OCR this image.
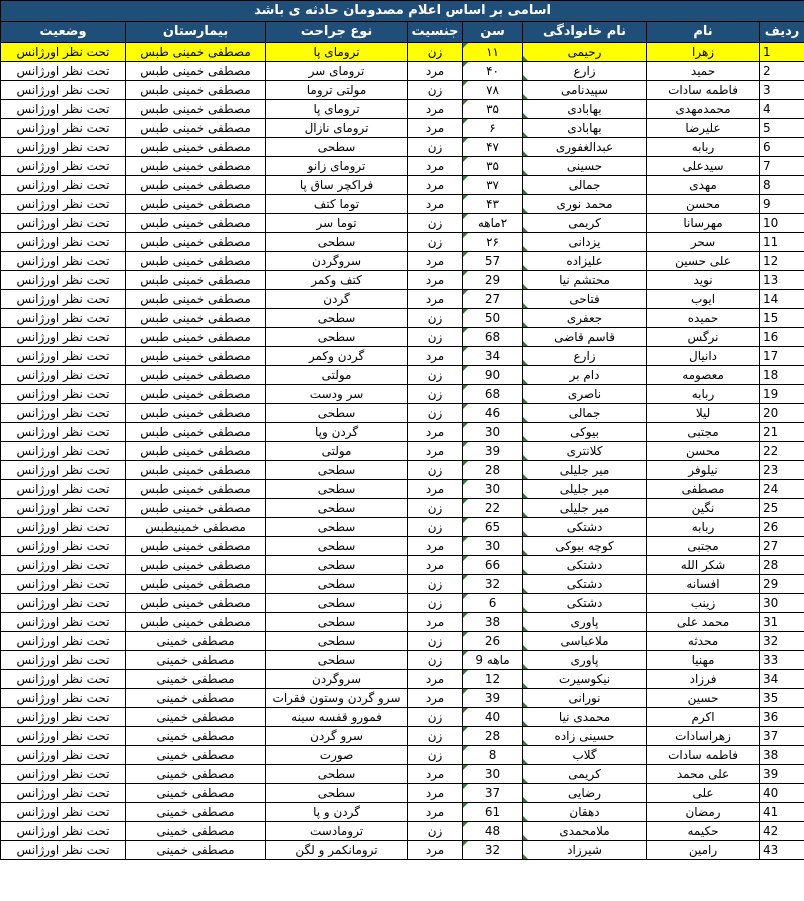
اسامی بر اساس اعلام مصدومان حادثه ی باشد							
ردیف	نام	نام خانوادگی	سن	جنسیت	نوع جراحت	بیمارستان	وضعیت
1	زهرا	رحیمی	۱۱	زن	ترومای پا	مصطفی خمینی طبس	تحت نظر اورژانس
2	حمید	زارع	۴۰	مرد	ترومای سر	مصطفی خمینی طبس	تحت نظر اورژانس
3	فاطمه سادات	سپیدنامی	۷۸	زن	مولتی تروما	مصطفی خمینی طبس	تحت نظر اورژانس
4	محمدمهدی	بهابادی	۳۵	مرد	ترومای پا	مصطفی خمینی طبس	تحت نظر اورژانس
5	علیرضا	بهابادی	۶	مرد	ترومای نازال	مصطفی خمینی طبس	تحت نظر اورژانس
6	ربابه	عبدالغفوری	۴۷	زن	سطحی	مصطفی خمینی طبس	تحت نظر اورژانس
7	سیدعلی	حسینی	۳۵	مرد	ترومای زانو	مصطفی خمینی طبس	تحت نظر اورژانس
8	مهدی	جمالی	۳۷	مرد	فراکچر ساق پا	مصطفی خمینی طبس	تحت نظر اورژانس
9	محسن	محمد نوری	۴۳	مرد	توما کتف	مصطفی خمینی طبس	تحت نظر اورژانس
10	مهرسانا	کریمی	۲ماهه	زن	توما سر	مصطفی خمینی طبس	تحت نظر اورژانس
11	سحر	یزدانی	۲۶	زن	سطحی	مصطفی خمینی طبس	تحت نظر اورژانس
12	علی حسین	علیزاده	57	مرد	سروگردن	مصطفی خمینی طبس	تحت نظر اورژانس
13	نوید	محتشم نیا	29	مرد	کتف وکمر	مصطفی خمینی طبس	تحت نظر اورژانس
14	ایوب	فتاحی	27	مرد	گردن	مصطفی خمینی طبس	تحت نظر اورژانس
15	حمیده	جعفری	50	زن	سطحی	مصطفی خمینی طبس	تحت نظر اورژانس
16	نرگس	قاسم قاضی	68	زن	سطحی	مصطفی خمینی طبس	تحت نظر اورژانس
17	دانیال	زارع	34	مرد	گردن وکمر	مصطفی خمینی طبس	تحت نظر اورژانس
18	معصومه	دام بر	90	زن	مولتی	مصطفی خمینی طبس	تحت نظر اورژانس
19	ربابه	ناصری	68	زن	سر ودست	مصطفی خمینی طبس	تحت نظر اورژانس
20	لیلا	جمالی	46	زن	سطحی	مصطفی خمینی طبس	تحت نظر اورژانس
21	مجتبی	بیوکی	30	مرد	گردن وپا	مصطفی خمینی طبس	تحت نظر اورژانس
22	محسن	کلانتری	39	مرد	مولتی	مصطفی خمینی طبس	تحت نظر اورژانس
23	نیلوفر	میر جلیلی	28	زن	سطحی	مصطفی خمینی طبس	تحت نظر اورژانس
24	مصطفی	میر جلیلی	30	مرد	سطحی	مصطفی خمینی طبس	تحت نظر اورژانس
25	نگین	میر جلیلی	22	زن	سطحی	مصطفی خمینی طبس	تحت نظر اورژانس
26	ربابه	دشتکی	65	زن	سطحی	مصطفی خمینیطبس	تحت نظر اورژانس
27	مجتبی	کوچه بیوکی	30	مرد	سطحی	مصطفی خمینی طبس	تحت نظر اورژانس
28	شکر الله	دشتکی	66	مرد	سطحی	مصطفی خمینی طبس	تحت نظر اورژانس
29	افسانه	دشتکی	32	زن	سطحی	مصطفی خمینی طبس	تحت نظر اورژانس
30	زینب	دشتکی	6	زن	سطحی	مصطفی خمینی طبس	تحت نظر اورژانس
31	محمد علی	پاوری	38	مرد	سطحی	مصطفی خمینی طبس	تحت نظر اورژانس
32	محدثه	ملاعباسی	26	زن	سطحی	مصطفی خمینی	تحت نظر اورژانس
33	مهنیا	پاوری	ماهه 9	زن	سطحی	مصطفی خمینی	تحت نظر اورژانس
34	فرزاد	نیکوسیرت	12	مرد	سروگردن	مصطفی خمینی	تحت نظر اورژانس
35	حسین	نورانی	39	مرد	سرو گردن وستون فقرات	مصطفی خمینی	تحت نظر اورژانس
36	اکرم	محمدی نیا	40	زن	فمورو قفسه سینه	مصطفی خمینی	تحت نظر اورژانس
37	زهراسادات	حسینی زاده	28	زن	سرو گردن	مصطفی خمینی	تحت نظر اورژانس
38	فاطمه سادات	گلاب	8	زن	صورت	مصطفی خمینی	تحت نظر اورژانس
39	علی محمد	کریمی	30	مرد	سطحی	مصطفی خمینی	تحت نظر اورژانس
40	علی	رضایی	37	مرد	سطحی	مصطفی خمینی	تحت نظر اورژانس
41	رمضان	دهقان	61	مرد	گردن و پا	مصطفی خمینی	تحت نظر اورژانس
42	حکیمه	ملامحمدی	48	زن	ترومادست	مصطفی خمینی	تحت نظر اورژانس
43	رامین	شیرزاد	32	مرد	ترومانکمر و لگن	مصطفی خمینی	تحت نظر اورژانس
